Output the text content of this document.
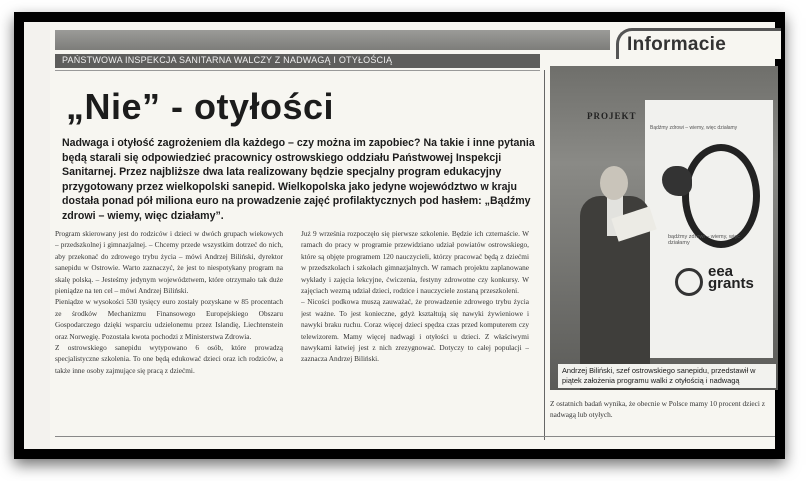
Informacie
PAŃSTWOWA INSPEKCJA SANITARNA WALCZY Z NADWAGĄ I OTYŁOŚCIĄ
„Nie” - otyłości
Nadwaga i otyłość zagrożeniem dla każdego – czy można im zapobiec? Na takie i inne pytania będą starali się odpowiedzieć pracownicy ostrowskiego oddziału Państwowej Inspekcji Sanitarnej. Przez najbliższe dwa lata realizowany będzie specjalny program edukacyjny przygotowany przez wielkopolski sanepid. Wielkopolska jako jedyne województwo w kraju dostała ponad pół miliona euro na prowadzenie zajęć profilaktycznych pod hasłem: „Bądźmy zdrowi – wiemy, więc działamy”.

Program skierowany jest do rodziców i dzieci w dwóch grupach wiekowych – przedszkolnej i gimnazjalnej. – Chcemy przede wszystkim dotrzeć do nich, aby przekonać do zdrowego trybu życia – mówi Andrzej Biliński, dyrektor sanepidu w Ostrowie. Warto zaznaczyć, że jest to niespotykany program na skalę polską. – Jesteśmy jedynym województwem, które otrzymało tak duże pieniądze na ten cel – mówi Andrzej Biliński.

Pieniądze w wysokości 530 tysięcy euro zostały pozyskane w 85 procentach ze środków Mechanizmu Finansowego Europejskiego Obszaru Gospodarczego dzięki wsparciu udzielonemu przez Islandię, Liechtenstein oraz Norwegię. Pozostała kwota pochodzi z Ministerstwa Zdrowia.

Z ostrowskiego sanepidu wytypowano 6 osób, które prowadzą specjalistyczne szkolenia. To one będą edukować dzieci oraz ich rodziców, a także inne osoby zajmujące się pracą z dziećmi.

Już 9 września rozpoczęło się pierwsze szkolenie. Będzie ich czternaście. W ramach do pracy w programie przewidziano udział powiatów ostrowskiego, które są objęte programem 120 nauczycieli, którzy pracować będą z dziećmi w przedszkolach i szkołach gimnazjalnych. W ramach projektu zaplanowane wykłady i zajęcia lekcyjne, ćwiczenia, festyny zdrowotne czy konkursy. W zajęciach wezmą udział dzieci, rodzice i nauczyciele zostaną przeszkoleni.

– Nicości podkowa muszą zauważać, że prowadzenie zdrowego trybu życia jest ważne. To jest konieczne, gdyż kształtują się nawyki żywieniowe i nawyki braku ruchu. Coraz więcej dzieci spędza czas przed komputerem czy telewizorem. Mamy więcej nadwagi i otyłości u dzieci. Z właściwymi nawykami łatwiej jest z nich zrezygnować. Dotyczy to całej populacji – zaznacza Andrzej Biliński.

PROJEKT
Bądźmy zdrowi – wiemy, więc działamy
bądźmy zdrowi – wiemy, więc działamy
eea grants
Andrzej Biliński, szef ostrowskiego sanepidu, przedstawił w piątek założenia programu walki z otyłością i nadwagą
Z ostatnich badań wynika, że obecnie w Polsce mamy 10 procent dzieci z nadwagą lub otyłych.
